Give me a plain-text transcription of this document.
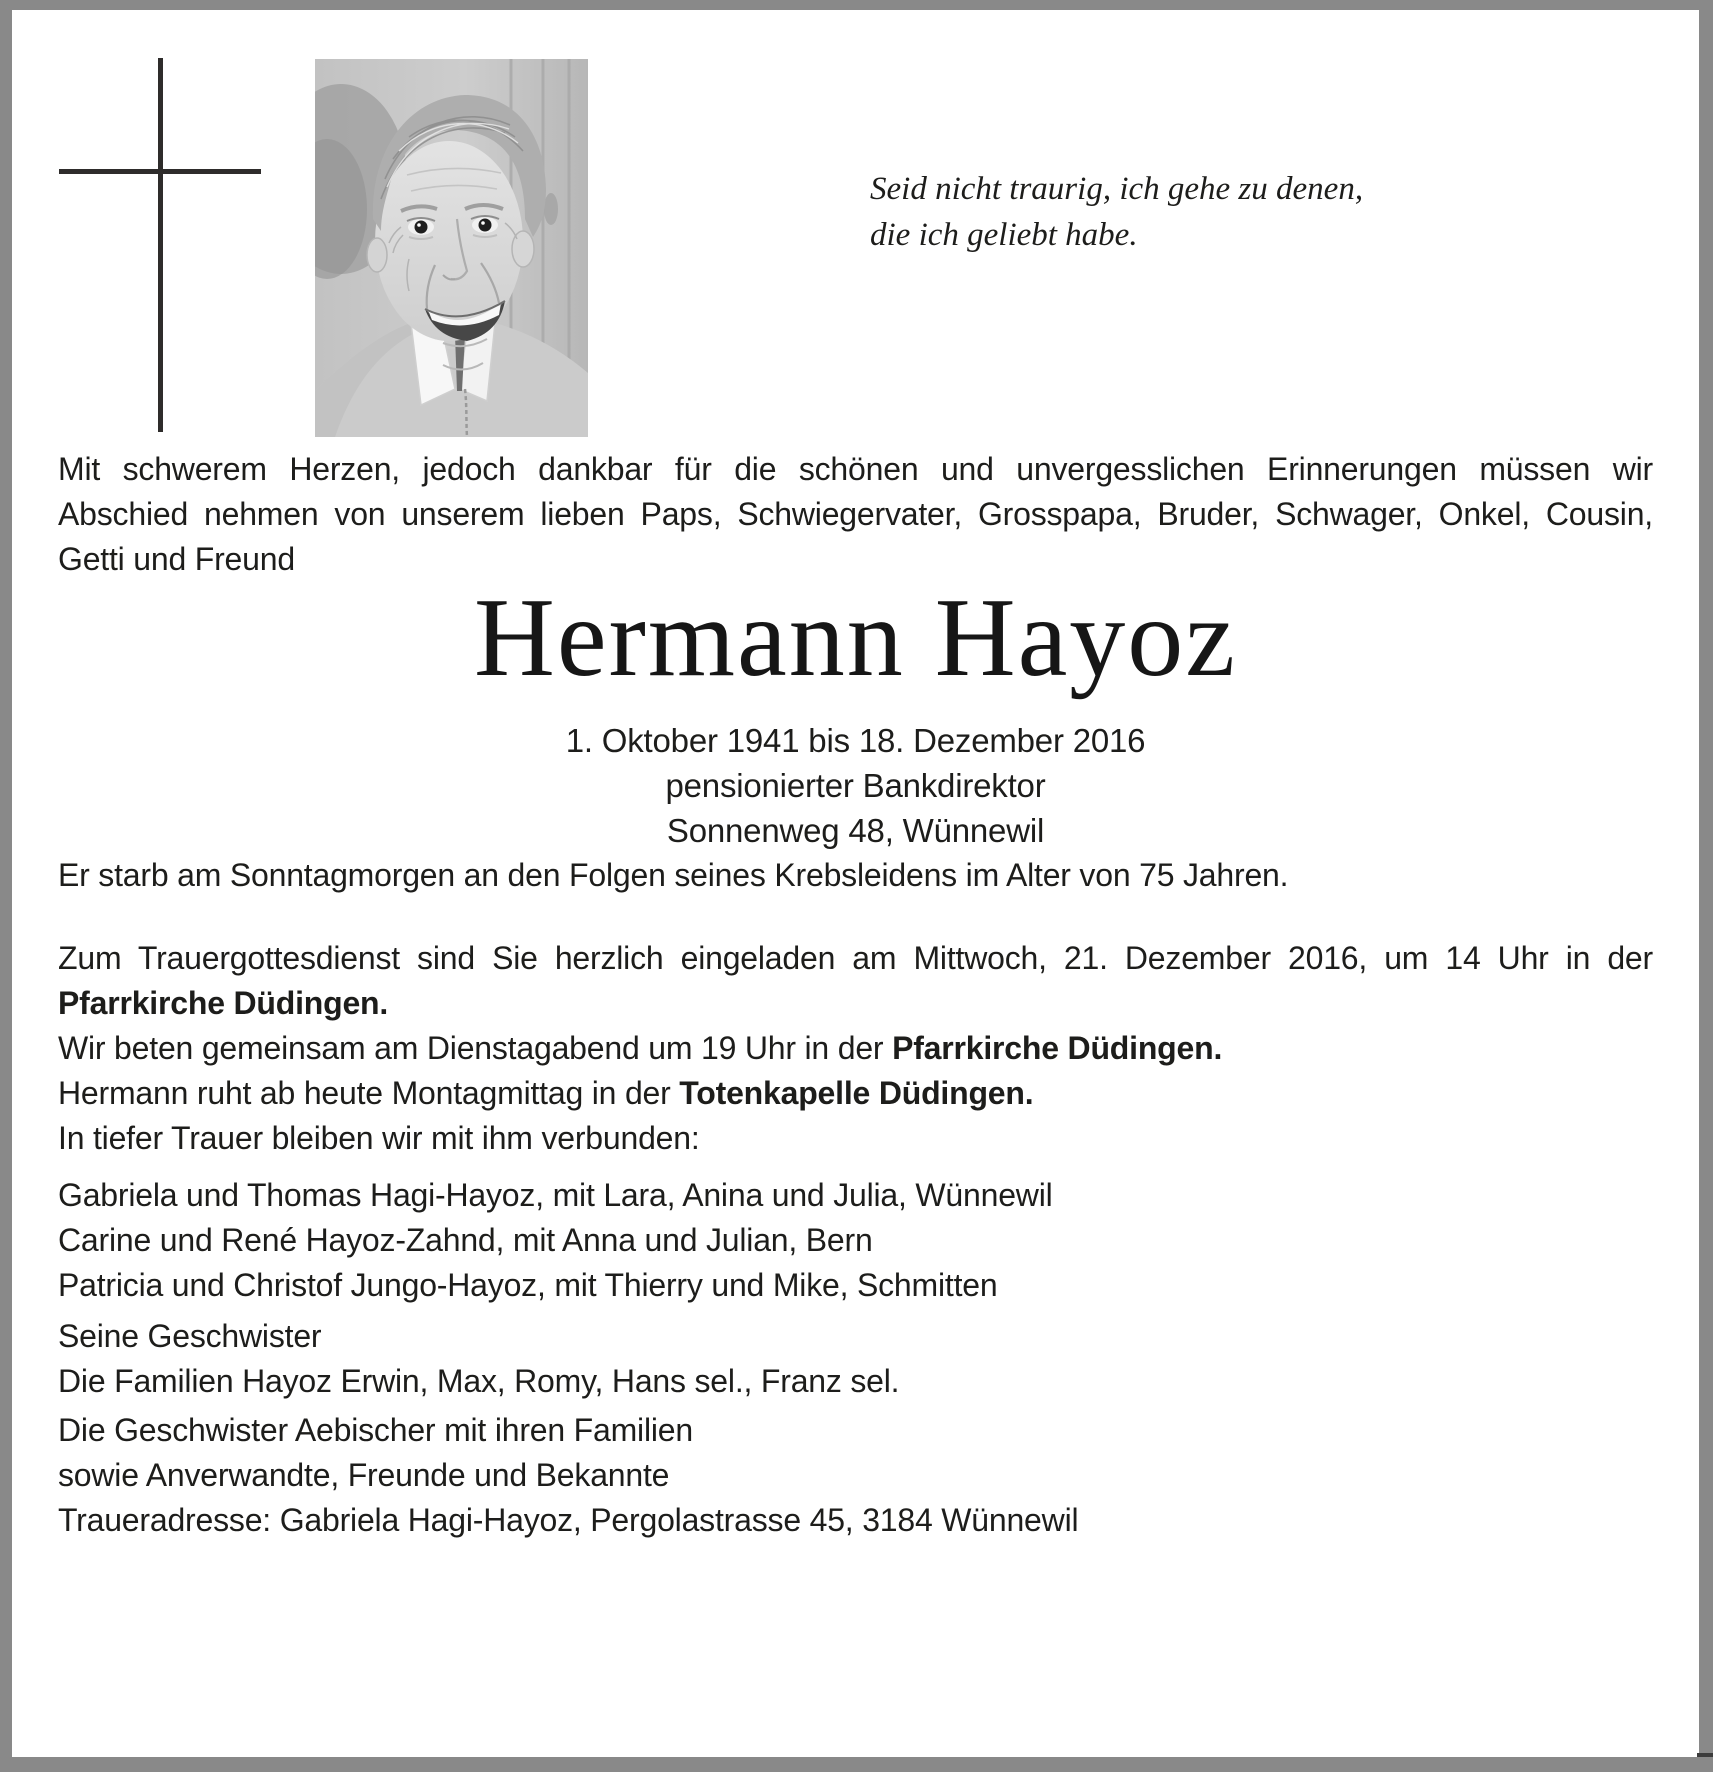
Seid nicht traurig, ich gehe zu denen,
die ich geliebt habe.

Mit schwerem Herzen, jedoch dankbar für die schönen und unvergesslichen Erinnerungen müssen wir

Abschied nehmen von unserem lieben Paps, Schwiegervater, Grosspapa, Bruder, Schwager, Onkel, Cousin,

Getti und Freund

Hermann Hayoz

1. Oktober 1941 bis 18. Dezember 2016

pensionierter Bankdirektor

Sonnenweg 48, Wünnewil

Er starb am Sonntagmorgen an den Folgen seines Krebsleidens im Alter von 75 Jahren.

Zum Trauergottesdienst sind Sie herzlich eingeladen am Mittwoch, 21. Dezember 2016, um 14 Uhr in der

Pfarrkirche Düdingen.

Wir beten gemeinsam am Dienstagabend um 19 Uhr in der Pfarrkirche Düdingen.

Hermann ruht ab heute Montagmittag in der Totenkapelle Düdingen.

In tiefer Trauer bleiben wir mit ihm verbunden:

Gabriela und Thomas Hagi-Hayoz, mit Lara, Anina und Julia, Wünnewil

Carine und René Hayoz-Zahnd, mit Anna und Julian, Bern

Patricia und Christof Jungo-Hayoz, mit Thierry und Mike, Schmitten

Seine Geschwister

Die Familien Hayoz Erwin, Max, Romy, Hans sel., Franz sel.

Die Geschwister Aebischer mit ihren Familien

sowie Anverwandte, Freunde und Bekannte

Traueradresse: Gabriela Hagi-Hayoz, Pergolastrasse 45, 3184 Wünnewil
